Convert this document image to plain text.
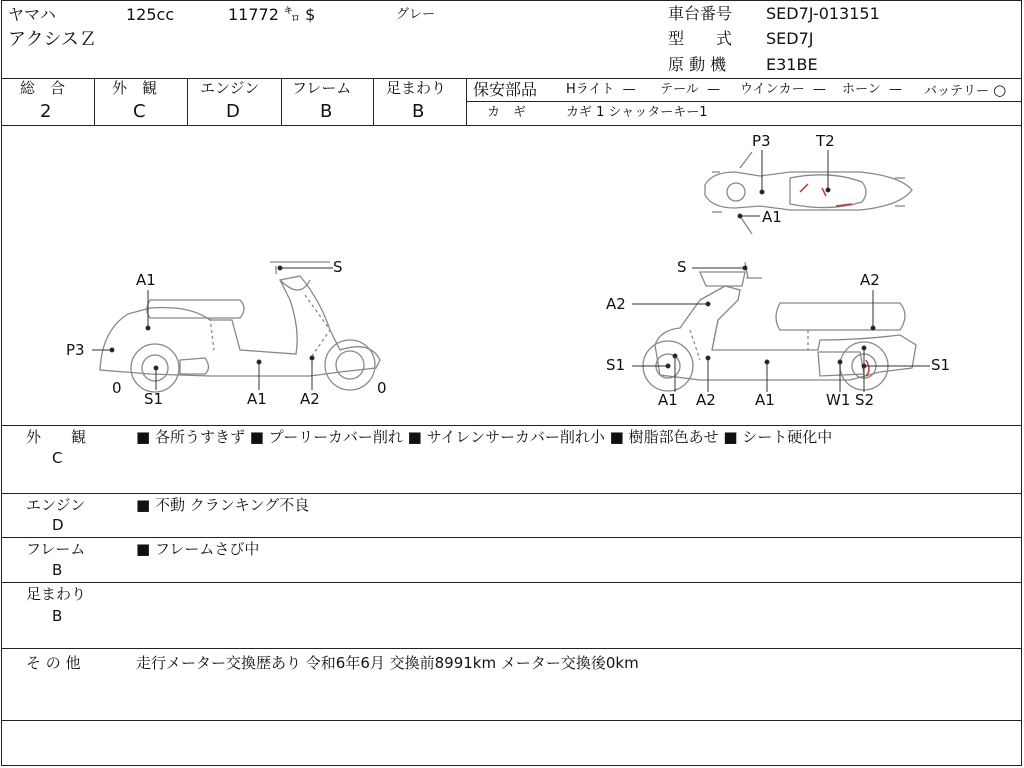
ヤマハ	125cc	11772 ㌔ $	グレー
アクシスＺ
車台番号 SED7J-013151
型　　式 SED7J
原 動 機 E31BE
総　合
2
外　観
C
エンジン
D
フレーム
B
足まわり
B
保安部品 Hライト — テール — ウインカー — ホーン — バッテリー ○
カ　ギ	カギ 1 シャッターキー1
S
A1
P3
0
S1	A1 A2
0
P3	T2
A1
S
A2
A2
S1	S1
A1 A2	A1	W1 S2
外　　観
C
■ 各所うすきず ■ プーリーカバー削れ ■ サイレンサーカバー削れ小 ■ 樹脂部色あせ ■ シート硬化中
エンジン
D
■ 不動 クランキング不良
フレーム
B
■ フレームさび中
足まわり
B
そ の 他	走行メーター交換歴あり 令和6年6月 交換前8991km メーター交換後0km
